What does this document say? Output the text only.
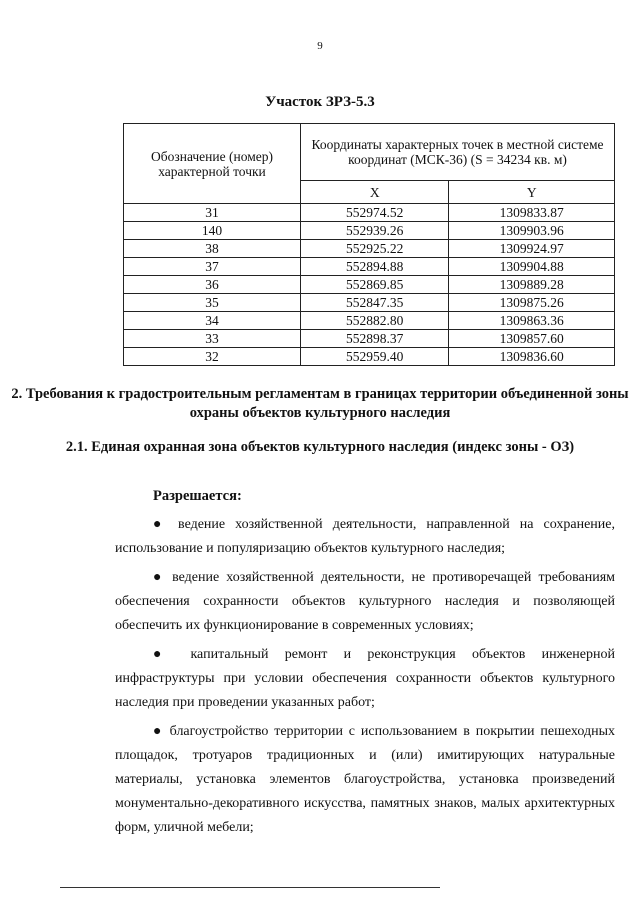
9
Участок ЗРЗ-5.3
Обозначение (номер) характерной точки	Координаты характерных точек в местной системе координат (МСК-36) (S = 34234 кв. м)	
	X	Y
31	552974.52	1309833.87
140	552939.26	1309903.96
38	552925.22	1309924.97
37	552894.88	1309904.88
36	552869.85	1309889.28
35	552847.35	1309875.26
34	552882.80	1309863.36
33	552898.37	1309857.60
32	552959.40	1309836.60
2. Требования к градостроительным регламентам в границах территории объединенной зоны охраны объектов культурного наследия
2.1. Единая охранная зона объектов культурного наследия (индекс зоны - ОЗ)
Разрешается:

● ведение хозяйственной деятельности, направленной на сохранение, использование и популяризацию объектов культурного наследия;

● ведение хозяйственной деятельности, не противоречащей требованиям обеспечения сохранности объектов культурного наследия и позволяющей обеспечить их функционирование в современных условиях;

● капитальный ремонт и реконструкция объектов инженерной инфраструктуры при условии обеспечения сохранности объектов культурного наследия при проведении указанных работ;

● благоустройство территории с использованием в покрытии пешеходных площадок, тротуаров традиционных и (или) имитирующих натуральные материалы, установка элементов благоустройства, установка произведений монументально-декоративного искусства, памятных знаков, малых архитектурных форм, уличной мебели;
